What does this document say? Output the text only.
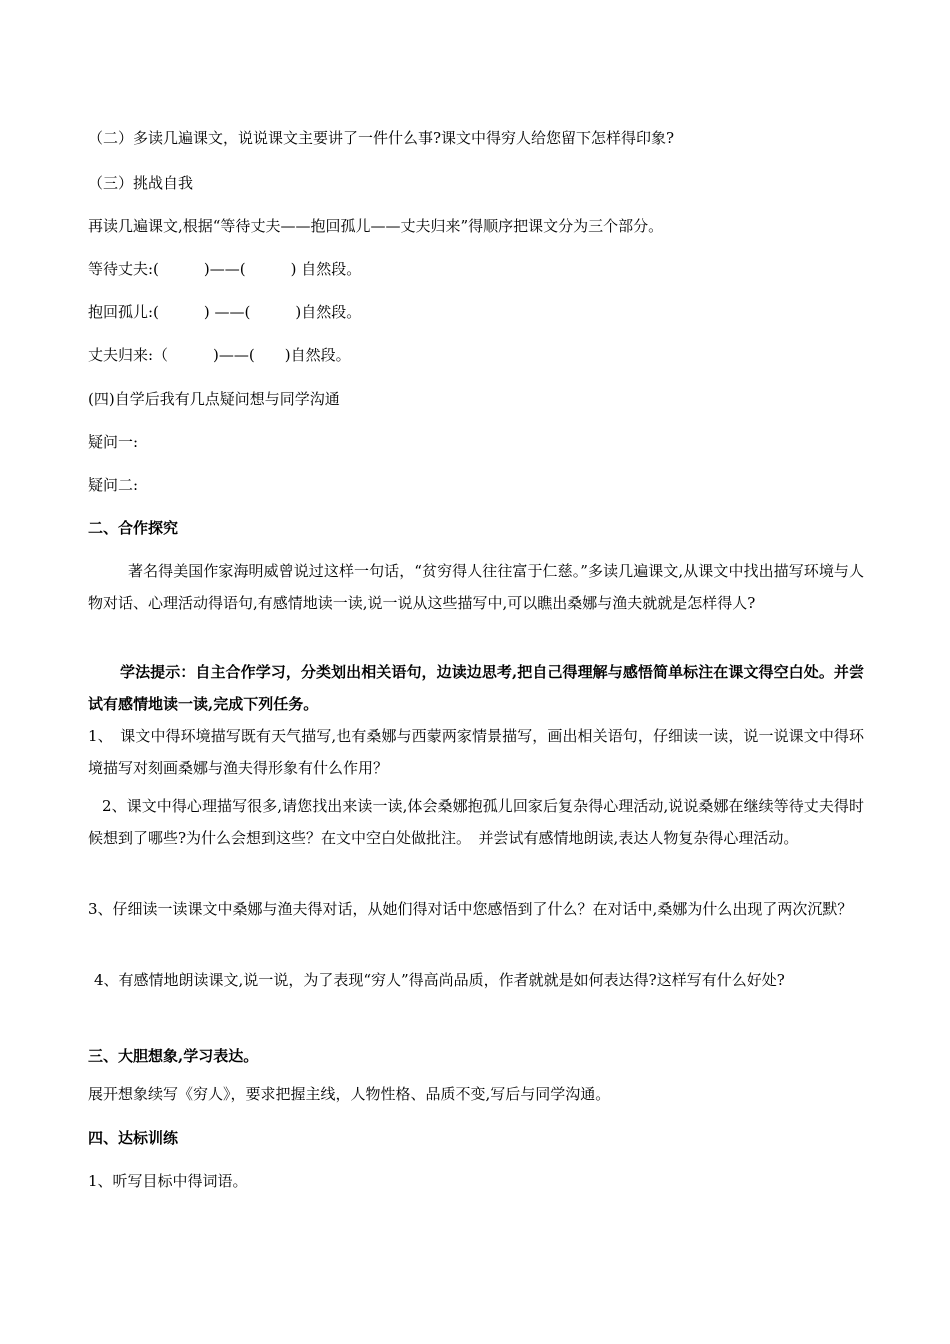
（二）多读几遍课文，说说课文主要讲了一件什么事?课文中得穷人给您留下怎样得印象?
（三）挑战自我
再读几遍课文,根据“等待丈夫——抱回孤儿——丈夫归来”得顺序把课文分为三个部分。
等待丈夫:(　　　)——(　　　) 自然段。
抱回孤儿:(　　　) ——(　　　)自然段。
丈夫归来:（　　　)——(　　)自然段。
(四)自学后我有几点疑问想与同学沟通
疑问一:
疑问二:
二、合作探究
著名得美国作家海明威曾说过这样一句话，“贫穷得人往往富于仁慈。”多读几遍课文,从课文中找出描写环境与人物对话、心理活动得语句,有感情地读一读,说一说从这些描写中,可以瞧出桑娜与渔夫就就是怎样得人?
学法提示：自主合作学习，分类划出相关语句，边读边思考,把自己得理解与感悟简单标注在课文得空白处。并尝试有感情地读一读,完成下列任务。
1、　课文中得环境描写既有天气描写,也有桑娜与西蒙两家情景描写，画出相关语句，仔细读一读，说一说课文中得环境描写对刻画桑娜与渔夫得形象有什么作用？
2、课文中得心理描写很多,请您找出来读一读,体会桑娜抱孤儿回家后复杂得心理活动,说说桑娜在继续等待丈夫得时候想到了哪些?为什么会想到这些？在文中空白处做批注。　并尝试有感情地朗读,表达人物复杂得心理活动。
3、仔细读一读课文中桑娜与渔夫得对话，从她们得对话中您感悟到了什么？在对话中,桑娜为什么出现了两次沉默？
4、有感情地朗读课文,说一说，为了表现“穷人”得高尚品质，作者就就是如何表达得?这样写有什么好处?
三、大胆想象,学习表达。
展开想象续写《穷人》，要求把握主线，人物性格、品质不变,写后与同学沟通。
四、达标训练
1、听写目标中得词语。
